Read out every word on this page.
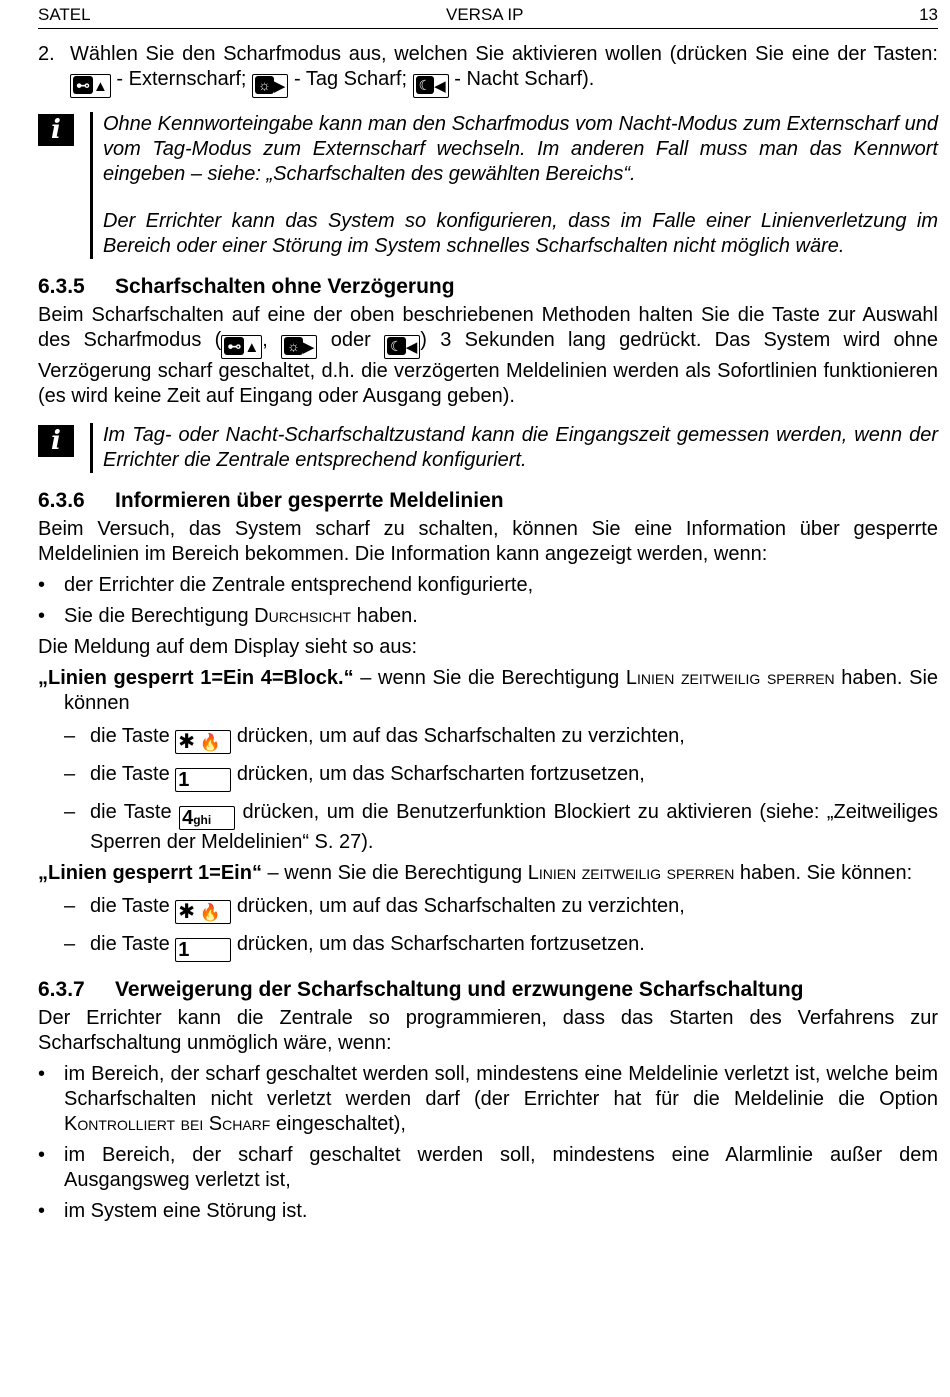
SATEL	VERSA IP	13
2. Wählen Sie den Scharfmodus aus, welchen Sie aktivieren wollen (drücken Sie eine der Tasten: ⊷ ▲ - Externscharf; ☼ ▶ - Tag Scharf; ☾ ◀ - Nacht Scharf).
i	Ohne Kennworteingabe kann man den Scharfmodus vom Nacht-Modus zum Externscharf und vom Tag-Modus zum Externscharf wechseln. Im anderen Fall muss man das Kennwort eingeben – siehe: „Scharfschalten des gewählten Bereichs“.

Der Errichter kann das System so konfigurieren, dass im Falle einer Linienverletzung im Bereich oder einer Störung im System schnelles Scharfschalten nicht möglich wäre.

6.3.5 Scharfschalten ohne Verzögerung

Beim Scharfschalten auf eine der oben beschriebenen Methoden halten Sie die Taste zur Auswahl des Scharfmodus ( ⊷ ▲ , ☼ ▶ oder ☾ ◀ ) 3 Sekunden lang gedrückt. Das System wird ohne Verzögerung scharf geschaltet, d.h. die verzögerten Meldelinien werden als Sofortlinien funktionieren (es wird keine Zeit auf Eingang oder Ausgang geben).

i	Im Tag- oder Nacht-Scharfschaltzustand kann die Eingangszeit gemessen werden, wenn der Errichter die Zentrale entsprechend konfiguriert.

6.3.6 Informieren über gesperrte Meldelinien

Beim Versuch, das System scharf zu schalten, können Sie eine Information über gesperrte Meldelinien im Bereich bekommen. Die Information kann angezeigt werden, wenn:

• der Errichter die Zentrale entsprechend konfigurierte,
• Sie die Berechtigung Durchsicht haben.

Die Meldung auf dem Display sieht so aus:

„Linien gesperrt 1=Ein 4=Block.“ – wenn Sie die Berechtigung Linien zeitweilig sperren haben. Sie können
– die Taste ✱ 🔥 drücken, um auf das Scharfschalten zu verzichten,
– die Taste 1 drücken, um das Scharfscharten fortzusetzen,
– die Taste 4ghi drücken, um die Benutzerfunktion Blockiert zu aktivieren (siehe: „Zeitweiliges Sperren der Meldelinien“ S. 27).
„Linien gesperrt 1=Ein“ – wenn Sie die Berechtigung Linien zeitweilig sperren haben. Sie können:
– die Taste ✱ 🔥 drücken, um auf das Scharfschalten zu verzichten,
– die Taste 1 drücken, um das Scharfscharten fortzusetzen.
6.3.7 Verweigerung der Scharfschaltung und erzwungene Scharfschaltung

Der Errichter kann die Zentrale so programmieren, dass das Starten des Verfahrens zur Scharfschaltung unmöglich wäre, wenn:

• im Bereich, der scharf geschaltet werden soll, mindestens eine Meldelinie verletzt ist, welche beim Scharfschalten nicht verletzt werden darf (der Errichter hat für die Meldelinie die Option Kontrolliert bei Scharf eingeschaltet),
• im Bereich, der scharf geschaltet werden soll, mindestens eine Alarmlinie außer dem Ausgangsweg verletzt ist,
• im System eine Störung ist.
